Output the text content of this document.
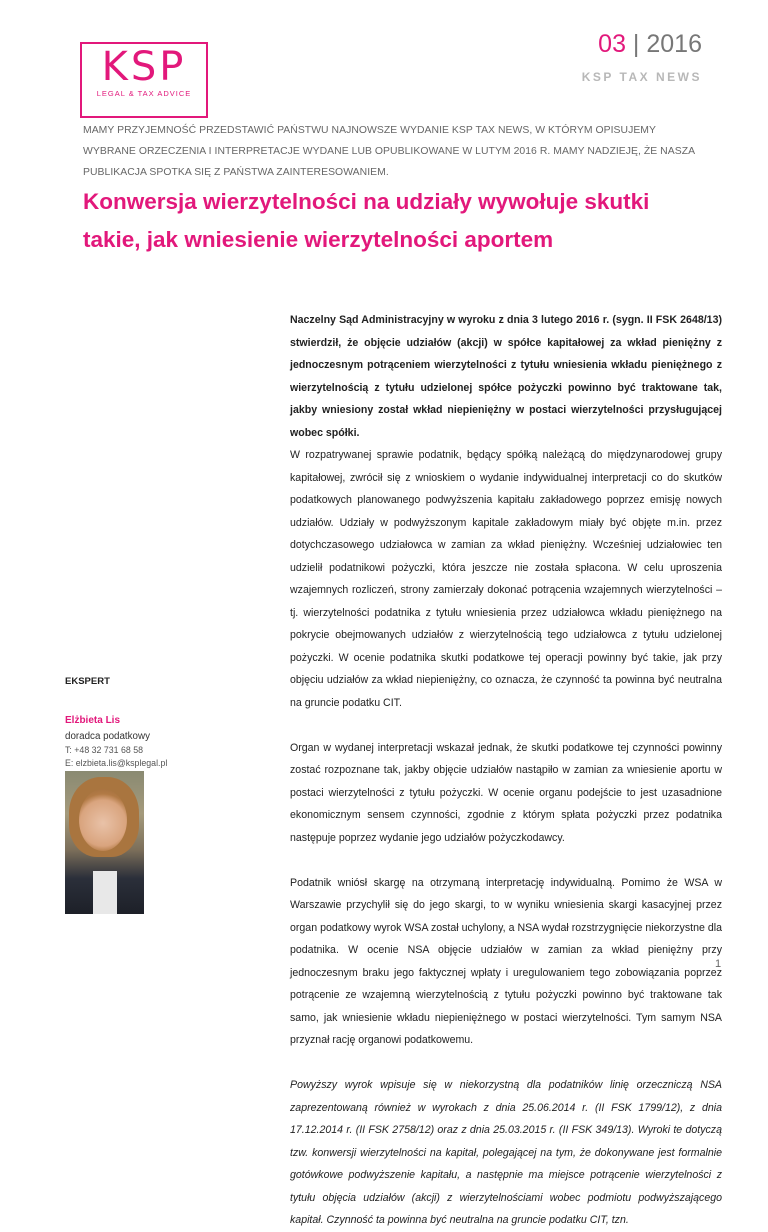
KSP
LEGAL & TAX ADVICE
03 | 2016
KSP TAX NEWS
MAMY PRZYJEMNOŚĆ PRZEDSTAWIĆ PAŃSTWU NAJNOWSZE WYDANIE KSP TAX NEWS, W KTÓRYM OPISUJEMY WYBRANE ORZECZENIA I INTERPRETACJE WYDANE LUB OPUBLIKOWANE W LUTYM 2016 R. MAMY NADZIEJĘ, ŻE NASZA PUBLIKACJA SPOTKA SIĘ Z PAŃSTWA ZAINTERESOWANIEM.
Konwersja wierzytelności na udziały wywołuje skutki takie, jak wniesienie wierzytelności aportem

Naczelny Sąd Administracyjny w wyroku z dnia 3 lutego 2016 r. (sygn. II FSK 2648/13) stwierdził, że objęcie udziałów (akcji) w spółce kapitałowej za wkład pieniężny z jednoczesnym potrąceniem wierzytelności z tytułu wniesienia wkładu pieniężnego z wierzytelnością z tytułu udzielonej spółce pożyczki powinno być traktowane tak, jakby wniesiony został wkład niepieniężny w postaci wierzytelności przysługującej wobec spółki.

W rozpatrywanej sprawie podatnik, będący spółką należącą do międzynarodowej grupy kapitałowej, zwrócił się z wnioskiem o wydanie indywidualnej interpretacji co do skutków podatkowych planowanego podwyższenia kapitału zakładowego poprzez emisję nowych udziałów. Udziały w podwyższonym kapitale zakładowym miały być objęte m.in. przez dotychczasowego udziałowca w zamian za wkład pieniężny. Wcześniej udziałowiec ten udzielił podatnikowi pożyczki, która jeszcze nie została spłacona. W celu uproszenia wzajemnych rozliczeń, strony zamierzały dokonać potrącenia wzajemnych wierzytelności – tj. wierzytelności podatnika z tytułu wniesienia przez udziałowca wkładu pieniężnego na pokrycie obejmowanych udziałów z wierzytelnością tego udziałowca z tytułu udzielonej pożyczki. W ocenie podatnika skutki podatkowe tej operacji powinny być takie, jak przy objęciu udziałów za wkład niepieniężny, co oznacza, że czynność ta powinna być neutralna na gruncie podatku CIT.

Organ w wydanej interpretacji wskazał jednak, że skutki podatkowe tej czynności powinny zostać rozpoznane tak, jakby objęcie udziałów nastąpiło w zamian za wniesienie aportu w postaci wierzytelności z tytułu pożyczki. W ocenie organu podejście to jest uzasadnione ekonomicznym sensem czynności, zgodnie z którym spłata pożyczki przez podatnika następuje poprzez wydanie jego udziałów pożyczkodawcy.

Podatnik wniósł skargę na otrzymaną interpretację indywidualną. Pomimo że WSA w Warszawie przychylił się do jego skargi, to w wyniku wniesienia skargi kasacyjnej przez organ podatkowy wyrok WSA został uchylony, a NSA wydał rozstrzygnięcie niekorzystne dla podatnika. W ocenie NSA objęcie udziałów w zamian za wkład pieniężny przy jednoczesnym braku jego faktycznej wpłaty i uregulowaniem tego zobowiązania poprzez potrącenie ze wzajemną wierzytelnością z tytułu pożyczki powinno być traktowane tak samo, jak wniesienie wkładu niepieniężnego w postaci wierzytelności. Tym samym NSA przyznał rację organowi podatkowemu.

Powyższy wyrok wpisuje się w niekorzystną dla podatników linię orzeczniczą NSA zaprezentowaną również w wyrokach z dnia 25.06.2014 r. (II FSK 1799/12), z dnia 17.12.2014 r. (II FSK 2758/12) oraz z dnia 25.03.2015 r. (II FSK 349/13). Wyroki te dotyczą tzw. konwersji wierzytelności na kapitał, polegającej na tym, że dokonywane jest formalnie gotówkowe podwyższenie kapitału, a następnie ma miejsce potrącenie wierzytelności z tytułu objęcia udziałów (akcji) z wierzytelnościami wobec podmiotu podwyższającego kapitał. Czynność ta powinna być neutralna na gruncie podatku CIT, tzn.

EKSPERT
Elżbieta Lis
doradca podatkowy
T: +48 32 731 68 58
E: elzbieta.lis@ksplegal.pl
1
